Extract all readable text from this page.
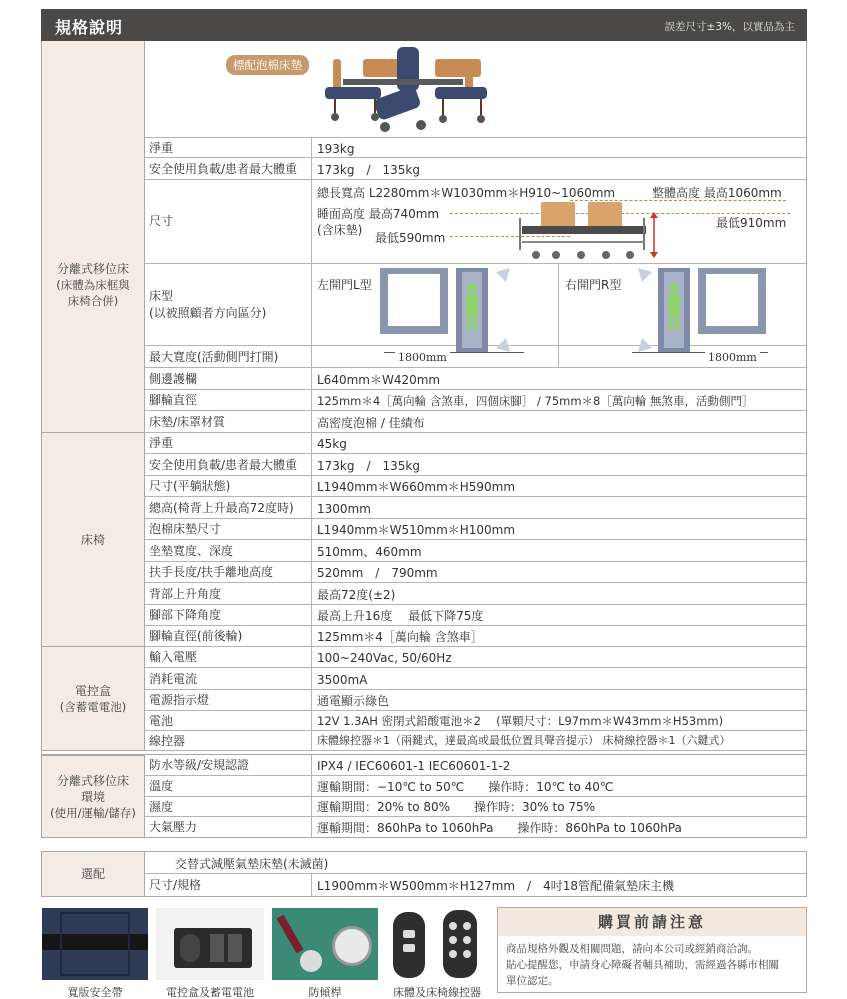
規格說明	誤差尺寸±3%，以實品為主
標配泡棉床墊
分離式移位床
(床體為床框與
床椅合併)
床椅
電控盒
(含蓄電電池)
分離式移位床
環境
(使用/運輸/儲存)
淨重	193kg
安全使用負載/患者最大體重	173kg　/　135kg
尺寸
總長寬高 L2280mm＊W1030mm＊H910~1060mm	整體高度 最高1060mm
睡面高度 最高740mm
(含床墊)	最低910mm
最低590mm
床型
(以被照顧者方向區分)
左開門L型	右開門R型
最大寬度(活動側門打開)	1800mm	1800mm
側邊護欄	L640mm＊W420mm
腳輪直徑	125mm＊4［萬向輪 含煞車，四個床腳］ / 75mm＊8［萬向輪 無煞車，活動側門］
床墊/床罩材質	高密度泡棉 / 佳績布
淨重	45kg
安全使用負載/患者最大體重	173kg　/　135kg
尺寸(平躺狀態)	L1940mm＊W660mm＊H590mm
總高(椅背上升最高72度時)	1300mm
泡棉床墊尺寸	L1940mm＊W510mm＊H100mm
坐墊寬度、深度	510mm、460mm
扶手長度/扶手離地高度	520mm　/　790mm
背部上升角度	最高72度(±2)
腳部下降角度	最高上升16度　 最低下降75度
腳輪直徑(前後輪)	125mm＊4［萬向輪 含煞車］
輸入電壓	100~240Vac, 50/60Hz
消耗電流	3500mA
電源指示燈	通電顯示綠色
電池	12V 1.3AH 密閉式鉛酸電池＊2　 (單顆尺寸：L97mm＊W43mm＊H53mm)
線控器	床體線控器＊1（兩鍵式，達最高或最低位置具聲音提示） 床椅線控器＊1（六鍵式）
防水等級/安規認證	IPX4 / IEC60601-1 IEC60601-1-2
溫度	運輸期間：−10℃ to 50℃　　操作時：10℃ to 40℃
濕度	運輸期間：20% to 80%　　操作時：30% to 75%
大氣壓力	運輸期間：860hPa to 1060hPa　　操作時：860hPa to 1060hPa
選配
交替式減壓氣墊床墊(未滅菌)
尺寸/規格	L1900mm＊W500mm＊H127mm　/　4吋18管配備氣墊床主機
寬版安全帶	電控盒及蓄電電池	防傾桿	床體及床椅線控器
購買前請注意
商品規格外觀及相關問題，請向本公司或經銷商洽詢。
貼心提醒您，申請身心障礙者輔具補助，需經過各縣市相關
單位認定。
